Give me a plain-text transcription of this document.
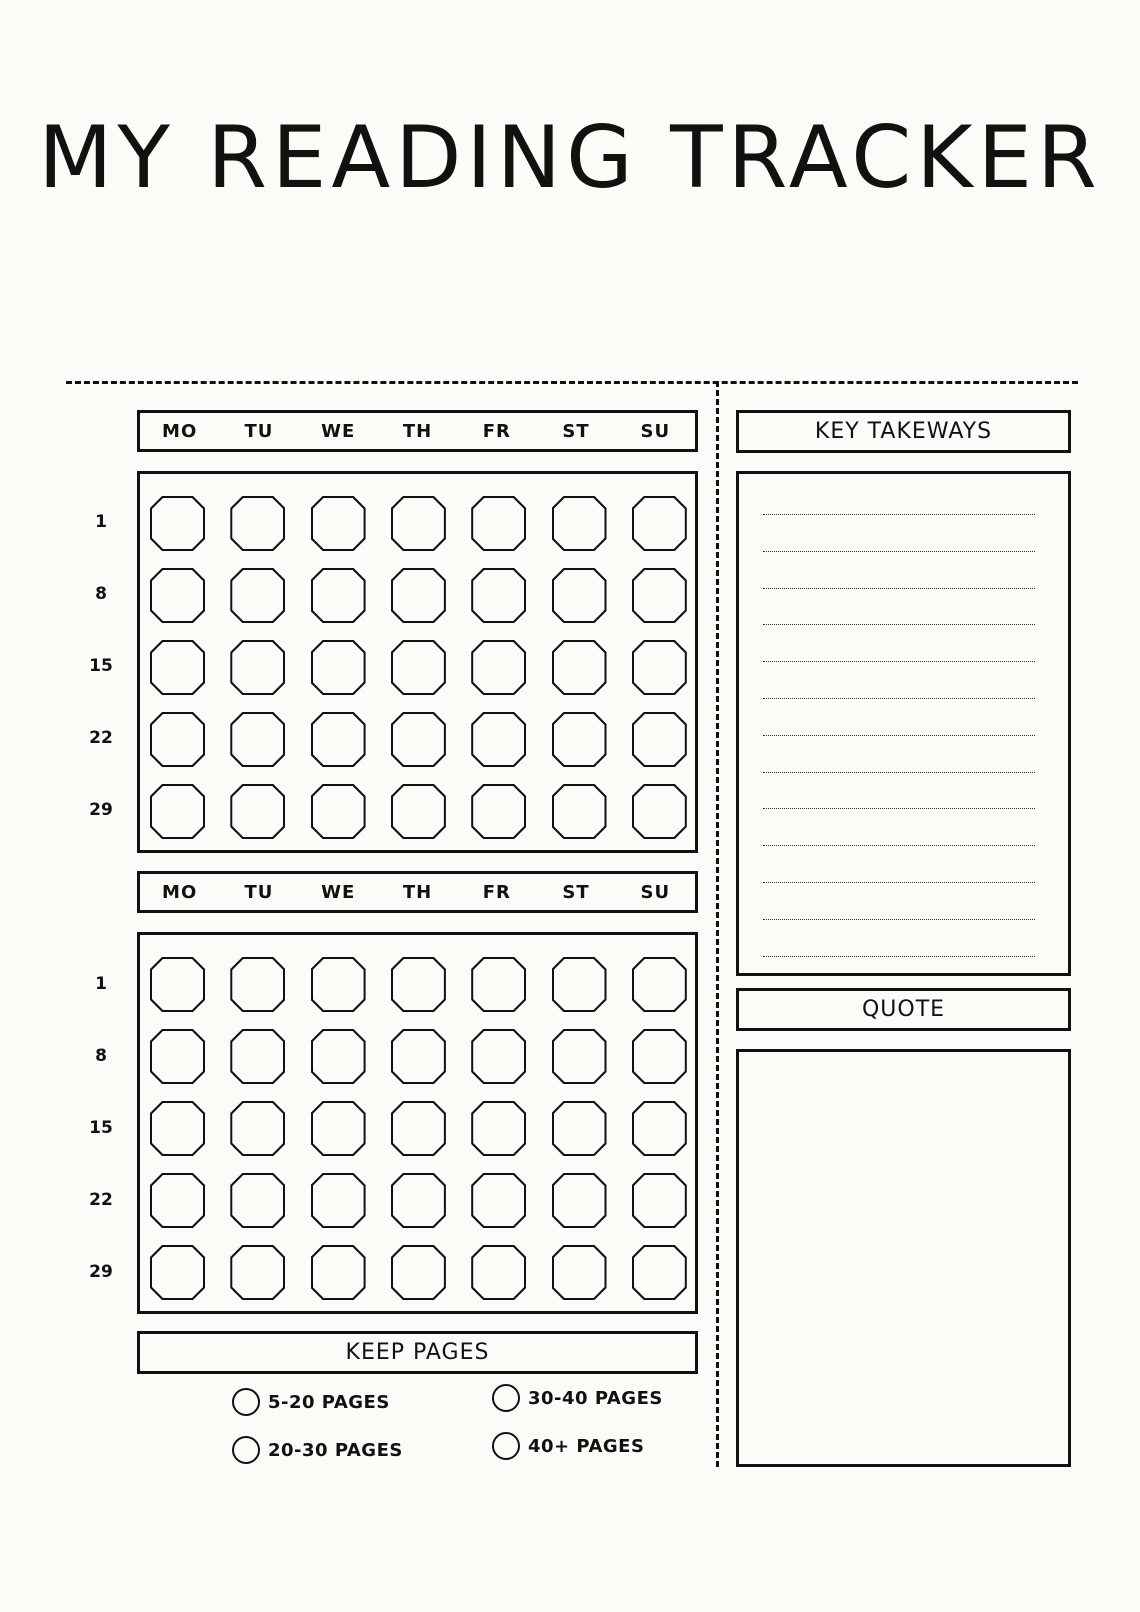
MY READING TRACKER
MO	TU	WE	TH	FR	ST	SU
1
8
15
22
29
MO	TU	WE	TH	FR	ST	SU
1
8
15
22
29
KEEP PAGES
5-20 PAGES	30-40 PAGES
20-30 PAGES	40+ PAGES
KEY TAKEWAYS
QUOTE
